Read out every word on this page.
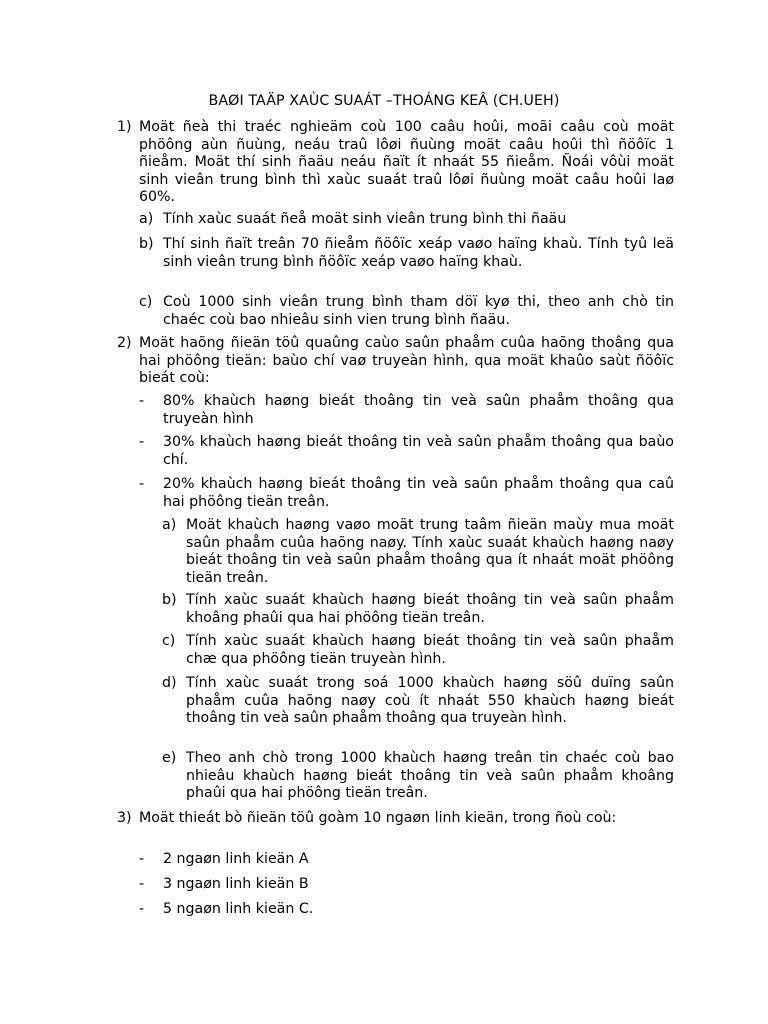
BAØI TAÄP XAÙC SUAÁT –THOÁNG KEÂ (CH.UEH)
1) Moät ñeà thi traéc nghieäm coù 100 caâu hoûi, moãi caâu coù moät phöông aùn ñuùng, neáu traû lôøi ñuùng moät caâu hoûi thì ñöôïc 1 ñieåm. Moät thí sinh ñaäu neáu ñaït ít nhaát 55 ñieåm. Ñoái vôùi moät sinh vieân trung bình thì xaùc suaát traû lôøi ñuùng moät caâu hoûi laø 60%.
a) Tính xaùc suaát ñeå moät sinh vieân trung bình thi ñaäu
b) Thí sinh ñaït treân 70 ñieåm ñöôïc xeáp vaøo haïng khaù. Tính tyû leä sinh vieân trung bình ñöôïc xeáp vaøo haïng khaù.
c) Coù 1000 sinh vieân trung bình tham döï kyø thi, theo anh chò tin chaéc coù bao nhieâu sinh vien trung bình ñaäu.
2) Moät haõng ñieän töû quaûng caùo saûn phaåm cuûa haõng thoâng qua hai phöông tieän: baùo chí vaø truyeàn hình, qua moät khaûo saùt ñöôïc bieát coù:
- 80% khaùch haøng bieát thoâng tin veà saûn phaåm thoâng qua truyeàn hình
- 30% khaùch haøng bieát thoâng tin veà saûn phaåm thoâng qua baùo chí.
- 20% khaùch haøng bieát thoâng tin veà saûn phaåm thoâng qua caû hai phöông tieän treân.
a) Moät khaùch haøng vaøo moät trung taâm ñieän maùy mua moät saûn phaåm cuûa haõng naøy. Tính xaùc suaát khaùch haøng naøy bieát thoâng tin veà saûn phaåm thoâng qua ít nhaát moät phöông tieän treân.
b) Tính xaùc suaát khaùch haøng bieát thoâng tin veà saûn phaåm khoâng phaûi qua hai phöông tieän treân.
c) Tính xaùc suaát khaùch haøng bieát thoâng tin veà saûn phaåm chæ qua phöông tieän truyeàn hình.
d) Tính xaùc suaát trong soá 1000 khaùch haøng söû duïng saûn phaåm cuûa haõng naøy coù ít nhaát 550 khaùch haøng bieát thoâng tin veà saûn phaåm thoâng qua truyeàn hình.
e) Theo anh chò trong 1000 khaùch haøng treân tin chaéc coù bao nhieâu khaùch haøng bieát thoâng tin veà saûn phaåm khoâng phaûi qua hai phöông tieän treân.
3) Moät thieát bò ñieän töû goàm 10 ngaøn linh kieän, trong ñoù coù:
- 2 ngaøn linh kieän A
- 3 ngaøn linh kieän B
- 5 ngaøn linh kieän C.
